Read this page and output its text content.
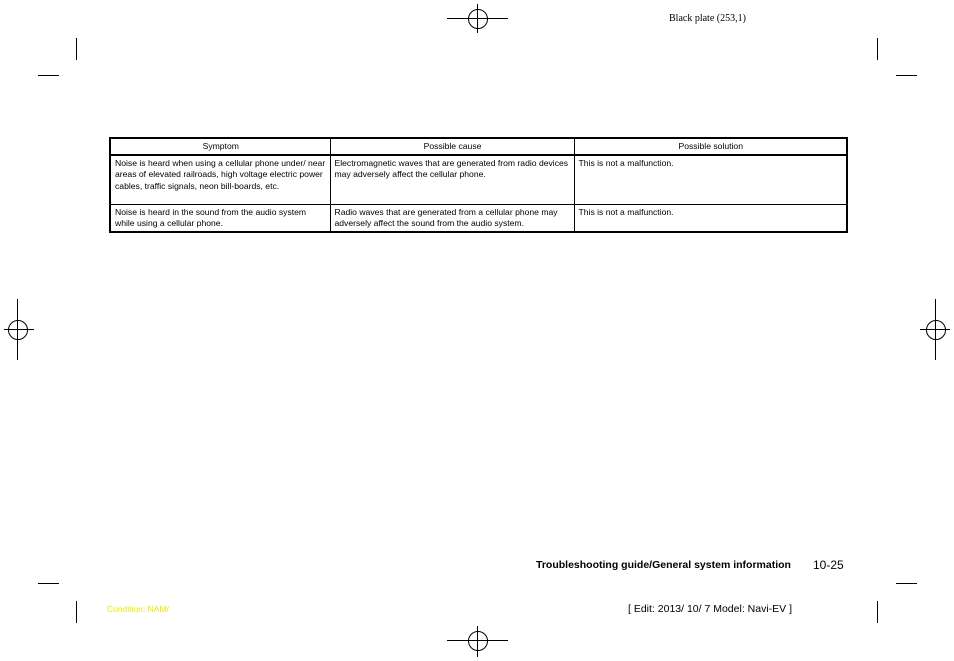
Black plate (253,1)
Symptom	Possible cause	Possible solution
Noise is heard when using a cellular phone under/ near areas of elevated railroads, high voltage electric power cables, traffic signals, neon bill-boards, etc.	Electromagnetic waves that are generated from radio devices may adversely affect the cellular phone.	This is not a malfunction.
Noise is heard in the sound from the audio system while using a cellular phone.	Radio waves that are generated from a cellular phone may adversely affect the sound from the audio system.	This is not a malfunction.
Troubleshooting guide/General system information 10-25
Condition: NAM/	[ Edit: 2013/ 10/ 7 Model: Navi-EV ]
